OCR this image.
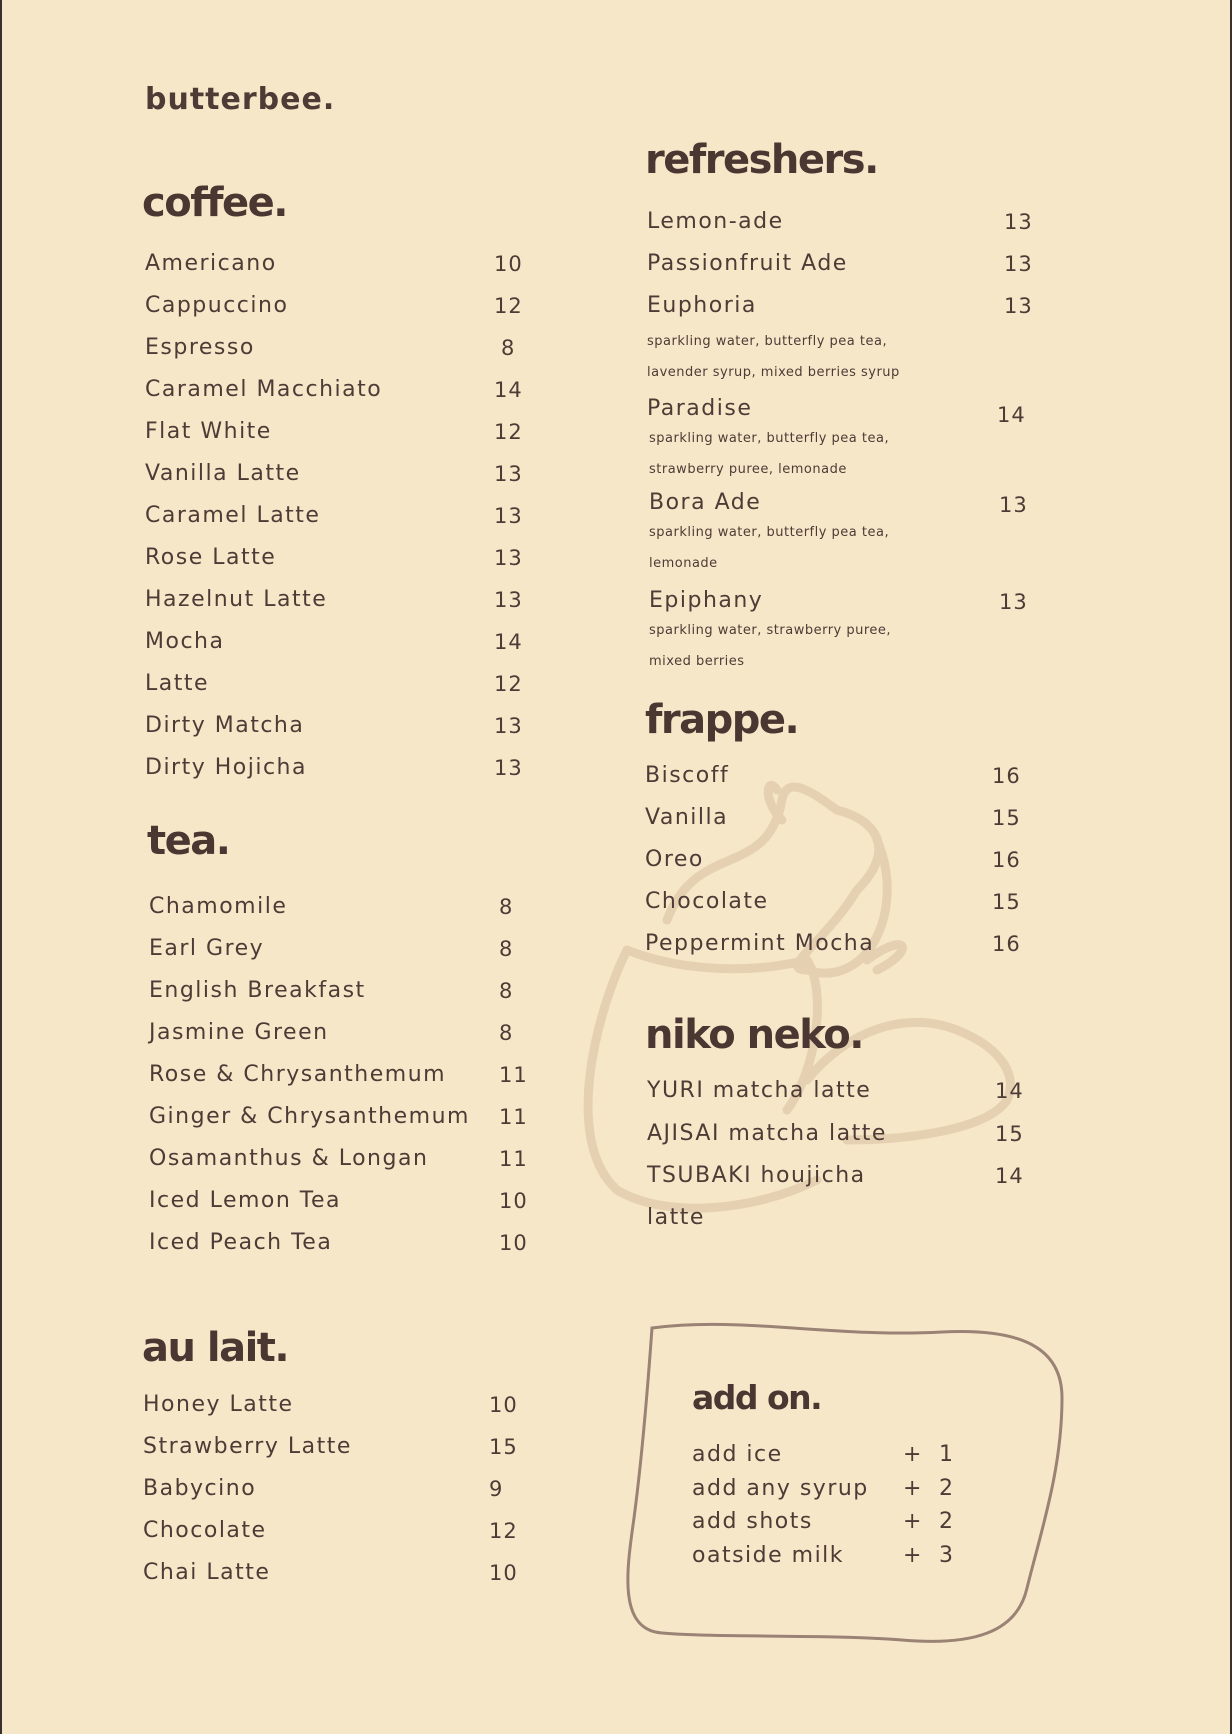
butterbee.
coffee.
Americano	10
Cappuccino	12
Espresso	8
Caramel Macchiato	14
Flat White	12
Vanilla Latte	13
Caramel Latte	13
Rose Latte	13
Hazelnut Latte	13
Mocha	14
Latte	12
Dirty Matcha	13
Dirty Hojicha	13
tea.
Chamomile	8
Earl Grey	8
English Breakfast	8
Jasmine Green	8
Rose & Chrysanthemum	11
Ginger & Chrysanthemum 11
Osamanthus & Longan	11
Iced Lemon Tea	10
Iced Peach Tea	10
au lait.
Honey Latte	10
Strawberry Latte	15
Babycino	9
Chocolate	12
Chai Latte	10
refreshers.
Lemon-ade	13
Passionfruit Ade	13
Euphoria	13
sparkling water, butterfly pea tea,
lavender syrup, mixed berries syrup
Paradise	14
sparkling water, butterfly pea tea,
strawberry puree, lemonade
Bora Ade	13
sparkling water, butterfly pea tea,
lemonade
Epiphany	13
sparkling water, strawberry puree,
mixed berries
frappe.
Biscoff	16
Vanilla	15
Oreo	16
Chocolate	15
Peppermint Mocha	16
niko neko.
YURI matcha latte	14
AJISAI matcha latte	15
TSUBAKI houjicha	14
latte
add on.
add ice	+ 1
add any syrup + 2
add shots	+ 2
oatside milk	+ 3
